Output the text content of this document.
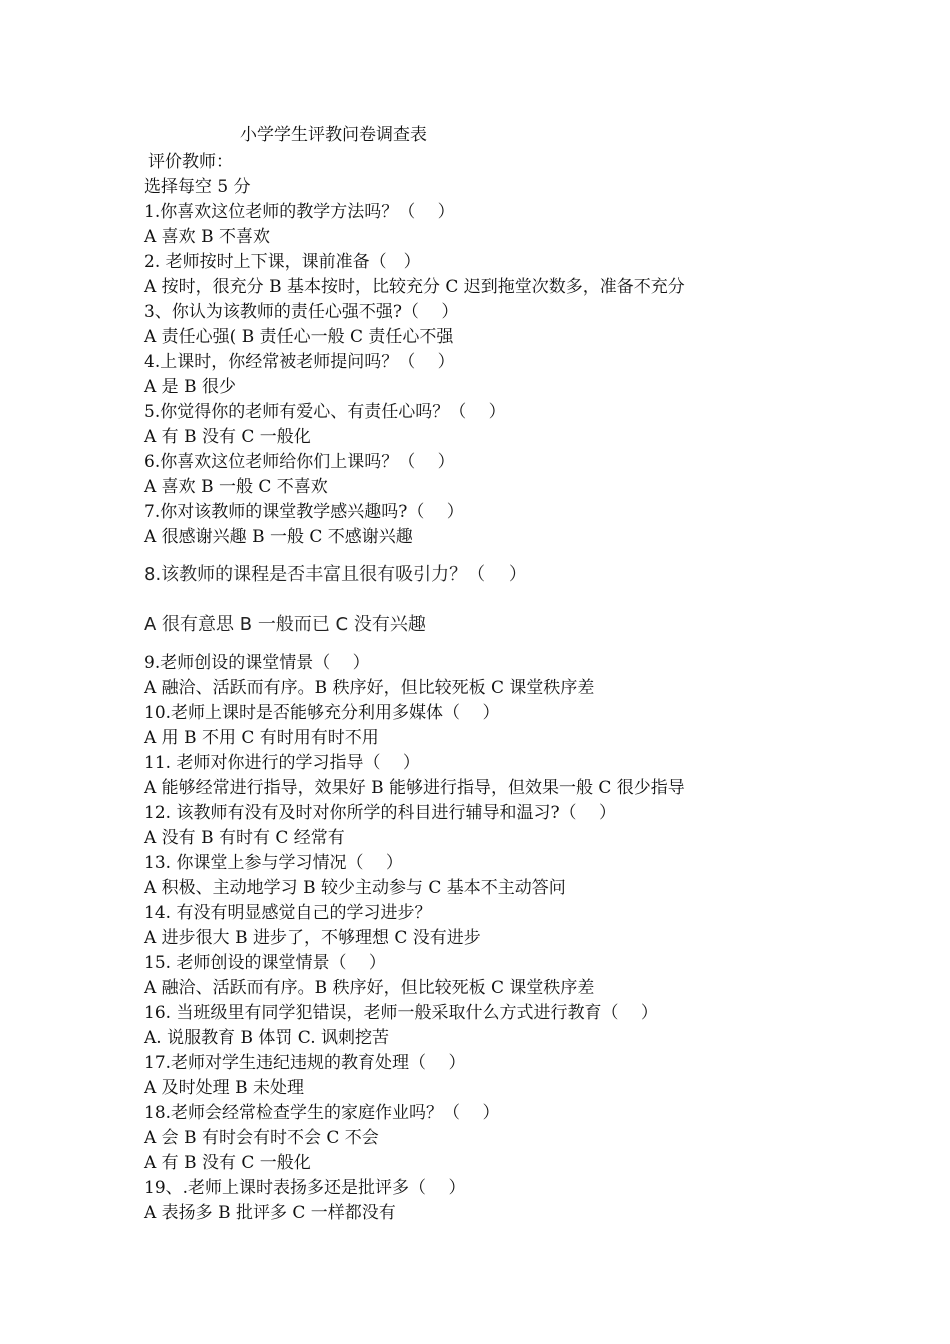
小学学生评教问卷调查表

评价教师：

选择每空 5 分

1.你喜欢这位老师的教学方法吗？（　 ）

A 喜欢 B 不喜欢

2. 老师按时上下课，课前准备（　）

A 按时，很充分 B 基本按时，比较充分 C 迟到拖堂次数多，准备不充分

3、你认为该教师的责任心强不强?（　 ）

A 责任心强( B 责任心一般 C 责任心不强

4.上课时，你经常被老师提问吗？（　 ）

A 是 B 很少

5.你觉得你的老师有爱心、有责任心吗？（　 ）

A 有 B 没有 C 一般化

6.你喜欢这位老师给你们上课吗？（　 ）

A 喜欢 B 一般 C 不喜欢

7.你对该教师的课堂教学感兴趣吗?（　 ）

A 很感谢兴趣 B 一般 C 不感谢兴趣

8.该教师的课程是否丰富且很有吸引力？（　 ）

A 很有意思 B 一般而已 C 没有兴趣

9.老师创设的课堂情景（　 ）

A 融洽、活跃而有序。B 秩序好，但比较死板 C 课堂秩序差

10.老师上课时是否能够充分利用多媒体（　 ）

A 用 B 不用 C 有时用有时不用

11. 老师对你进行的学习指导（　 ）

A 能够经常进行指导，效果好 B 能够进行指导，但效果一般 C 很少指导

12. 该教师有没有及时对你所学的科目进行辅导和温习?（　 ）

A 没有 B 有时有 C 经常有

13. 你课堂上参与学习情况（　 ）

A 积极、主动地学习 B 较少主动参与 C 基本不主动答问

14. 有没有明显感觉自己的学习进步？

A 进步很大 B 进步了，不够理想 C 没有进步

15. 老师创设的课堂情景（　 ）

A 融洽、活跃而有序。B 秩序好，但比较死板 C 课堂秩序差

16. 当班级里有同学犯错误，老师一般采取什么方式进行教育（　 ）

A. 说服教育 B 体罚 C. 讽刺挖苦

17.老师对学生违纪违规的教育处理（　 ）

A 及时处理 B 未处理

18.老师会经常检查学生的家庭作业吗？（　 ）

A 会 B 有时会有时不会 C 不会

A 有 B 没有 C 一般化

19、.老师上课时表扬多还是批评多（　 ）

A 表扬多 B 批评多 C 一样都没有
